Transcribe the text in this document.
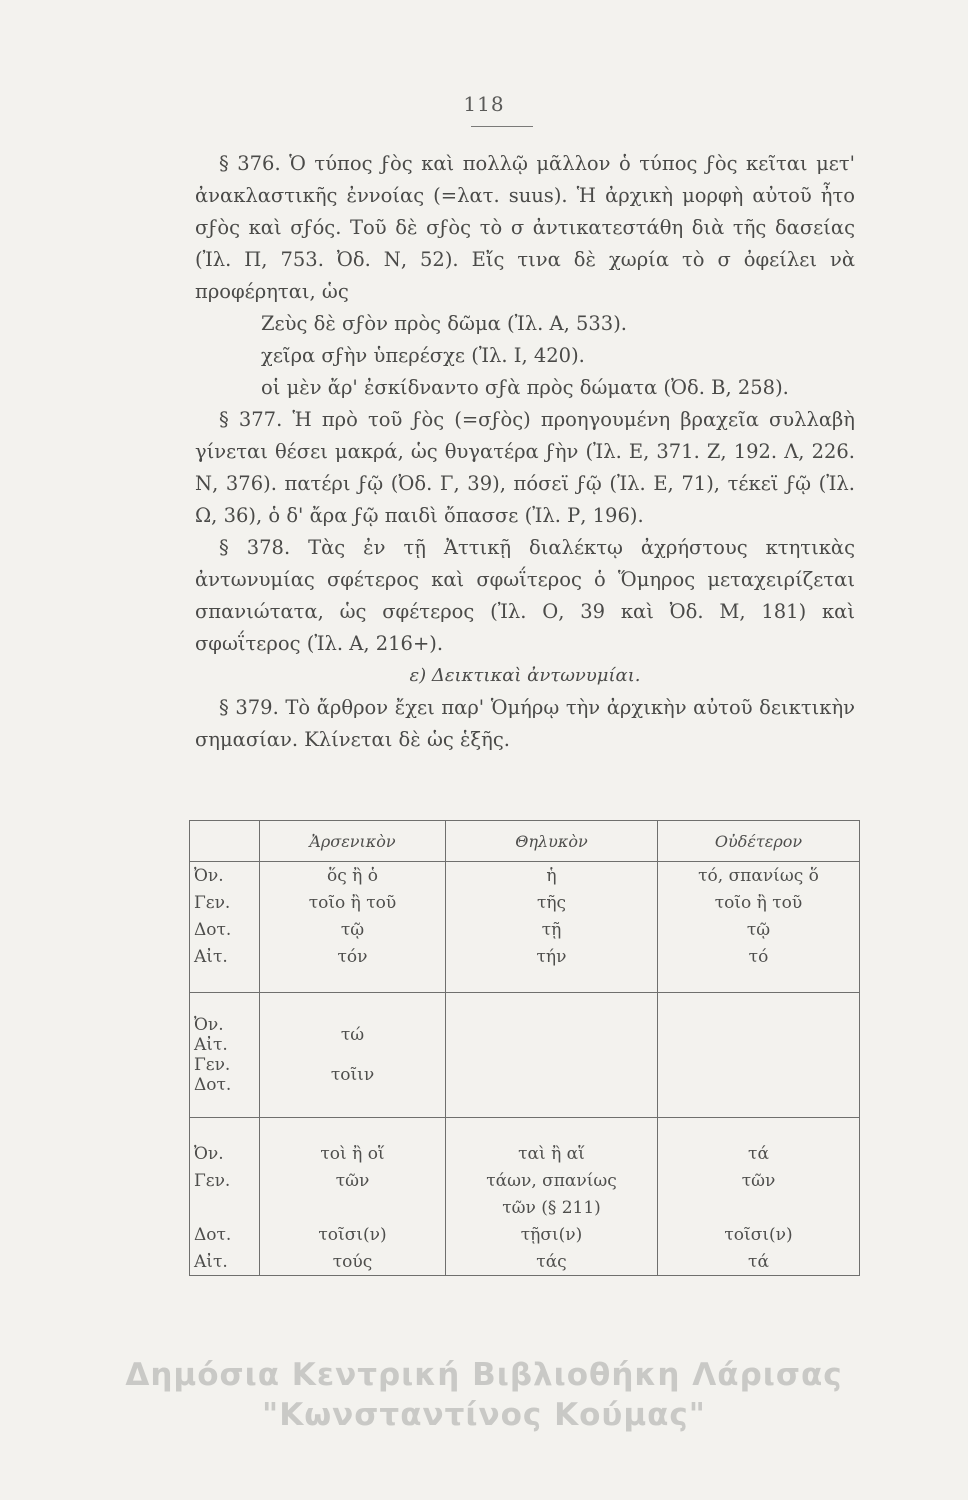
118

§ 376. Ὁ τύπος ϝὸς καὶ πολλῷ μᾶλλον ὁ τύπος ϝὸς κεῖται μετ' ἀνακλαστικῆς ἐννοίας (=λατ. suus). Ἡ ἀρχικὴ μορφὴ αὐτοῦ ἦτο σϝὸς καὶ σϝός. Τοῦ δὲ σϝὸς τὸ σ ἀντικατεστάθη διὰ τῆς δασείας (Ἰλ. Π, 753. Ὀδ. Ν, 52). Εἴς τινα δὲ χωρία τὸ σ ὀφείλει νὰ προφέρηται, ὡς

Ζεὺς δὲ σϝὸν πρὸς δῶμα (Ἰλ. Α, 533).

χεῖρα σϝὴν ὑπερέσχε (Ἰλ. Ι, 420).

οἱ μὲν ἄρ' ἐσκίδναντο σϝὰ πρὸς δώματα (Ὀδ. Β, 258).

§ 377. Ἡ πρὸ τοῦ ϝὸς (=σϝὸς) προηγουμένη βραχεῖα συλλαβὴ γίνεται θέσει μακρά, ὡς θυγατέρα ϝὴν (Ἰλ. Ε, 371. Ζ, 192. Λ, 226. Ν, 376). πατέρι ϝῷ (Ὀδ. Γ, 39), πόσεϊ ϝῷ (Ἰλ. Ε, 71), τέκεϊ ϝῷ (Ἰλ. Ω, 36), ὁ δ' ἄρα ϝῷ παιδὶ ὄπασσε (Ἰλ. Ρ, 196).

§ 378. Τὰς ἐν τῇ Ἀττικῇ διαλέκτῳ ἀχρήστους κτητικὰς ἀντωνυμίας σφέτερος καὶ σφωΐτερος ὁ Ὅμηρος μεταχειρίζεται σπανιώτατα, ὡς σφέτερος (Ἰλ. Ο, 39 καὶ Ὀδ. Μ, 181) καὶ σφωΐτερος (Ἰλ. Α, 216+).

ε) Δεικτικαὶ ἀντωνυμίαι.

§ 379. Τὸ ἄρθρον ἔχει παρ' Ὁμήρῳ τὴν ἀρχικὴν αὐτοῦ δεικτικὴν σημασίαν. Κλίνεται δὲ ὡς ἑξῆς.

	Ἀρσενικὸν	Θηλυκὸν	Οὐδέτερον
Ὀν.	ὅς ἢ ὁ	ἡ	τό, σπανίως ὅ
Γεν.	τοῖο ἢ τοῦ	τῆς	τοῖο ἢ τοῦ
Δοτ.	τῷ	τῇ	τῷ
Αἰτ.	τόν	τήν	τό

Ὀν. Αἰτ.	τώ		
Γεν. Δοτ.	τοῖιν		

Ὀν.	τοὶ ἢ οἵ	ταὶ ἢ αἵ	τά
Γεν.	τῶν	τάων, σπανίως	τῶν
		τῶν (§ 211)	
Δοτ.	τοῖσι(ν)	τῇσι(ν)	τοῖσι(ν)
Αἰτ.	τούς	τάς	τά
Δημόσια Κεντρική Βιβλιοθήκη Λάρισας
"Κωνσταντίνος Κούμας"
